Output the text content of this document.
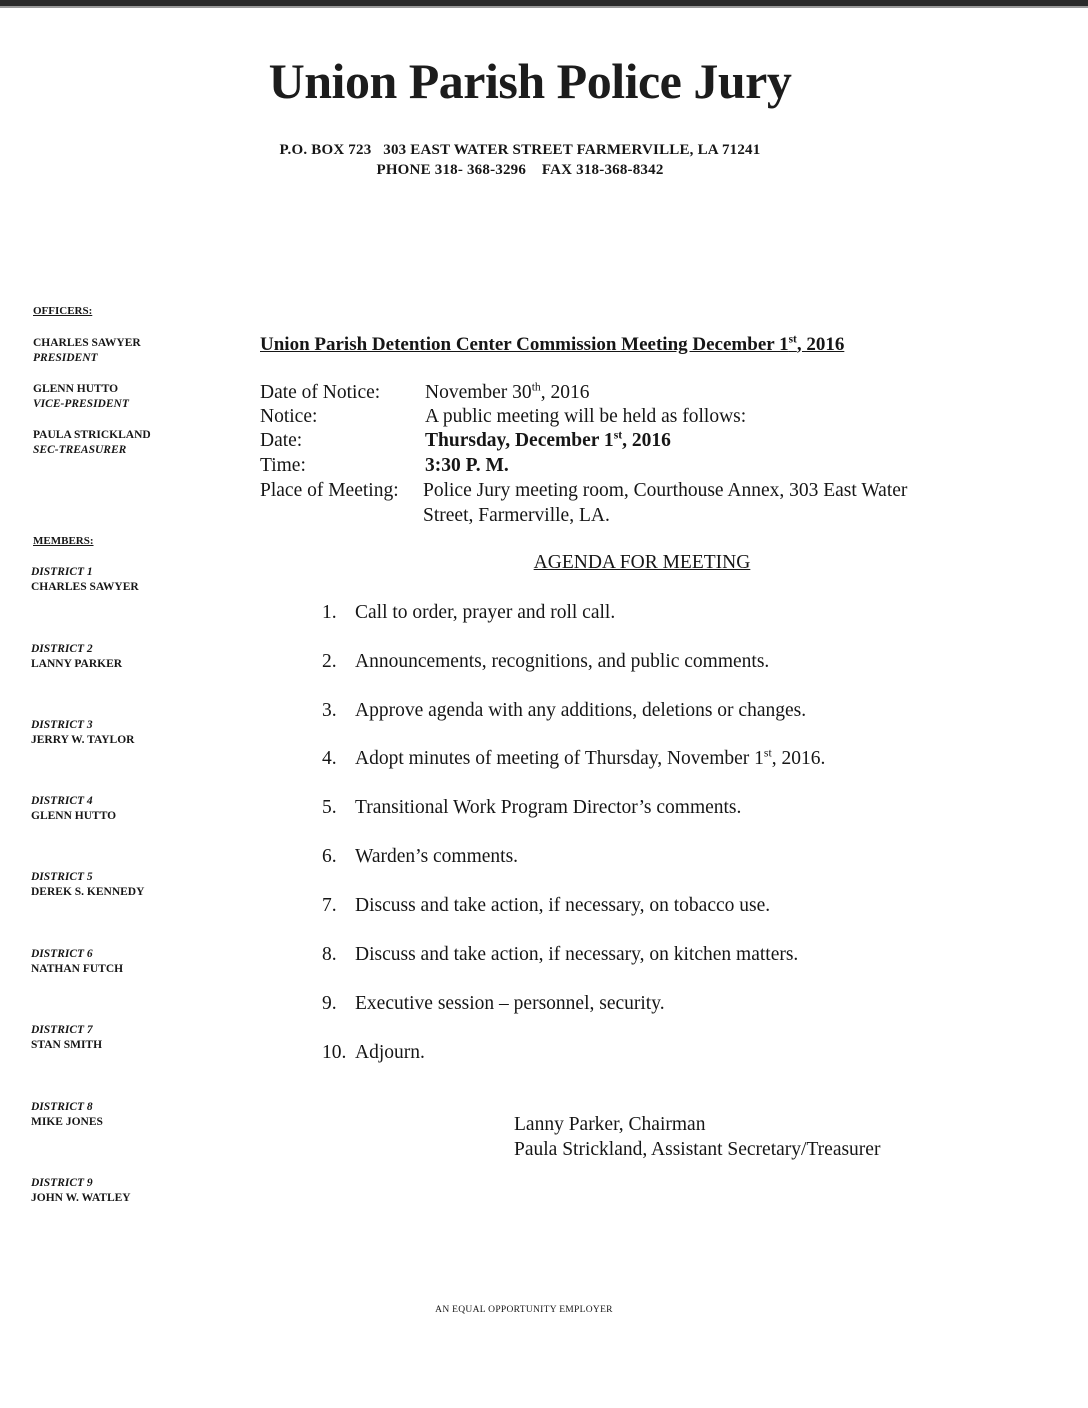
Union Parish Police Jury
P.O. BOX 723   303 EAST WATER STREET FARMERVILLE, LA 71241
PHONE 318- 368-3296    FAX 318-368-8342
OFFICERS:
CHARLES SAWYER
PRESIDENT
GLENN HUTTO
VICE-PRESIDENT
PAULA STRICKLAND
SEC-TREASURER
MEMBERS:
DISTRICT 1
CHARLES SAWYER
DISTRICT 2
LANNY PARKER
DISTRICT 3
JERRY W. TAYLOR
DISTRICT 4
GLENN HUTTO
DISTRICT 5
DEREK S. KENNEDY
DISTRICT 6
NATHAN FUTCH
DISTRICT 7
STAN SMITH
DISTRICT 8
MIKE JONES
DISTRICT 9
JOHN W. WATLEY
Union Parish Detention Center Commission Meeting December 1st, 2016
Date of Notice: November 30th, 2016
Notice:	A public meeting will be held as follows:
Date:	Thursday, December 1st, 2016
Time:	3:30 P. M.
Place of Meeting: Police Jury meeting room, Courthouse Annex, 303 East Water
Street, Farmerville, LA.
AGENDA FOR MEETING
1. Call to order, prayer and roll call.
2. Announcements, recognitions, and public comments.
3. Approve agenda with any additions, deletions or changes.
4. Adopt minutes of meeting of Thursday, November 1st, 2016.
5. Transitional Work Program Director’s comments.
6. Warden’s comments.
7. Discuss and take action, if necessary, on tobacco use.
8. Discuss and take action, if necessary, on kitchen matters.
9. Executive session – personnel, security.
10. Adjourn.
Lanny Parker, Chairman
Paula Strickland, Assistant Secretary/Treasurer
AN EQUAL OPPORTUNITY EMPLOYER
